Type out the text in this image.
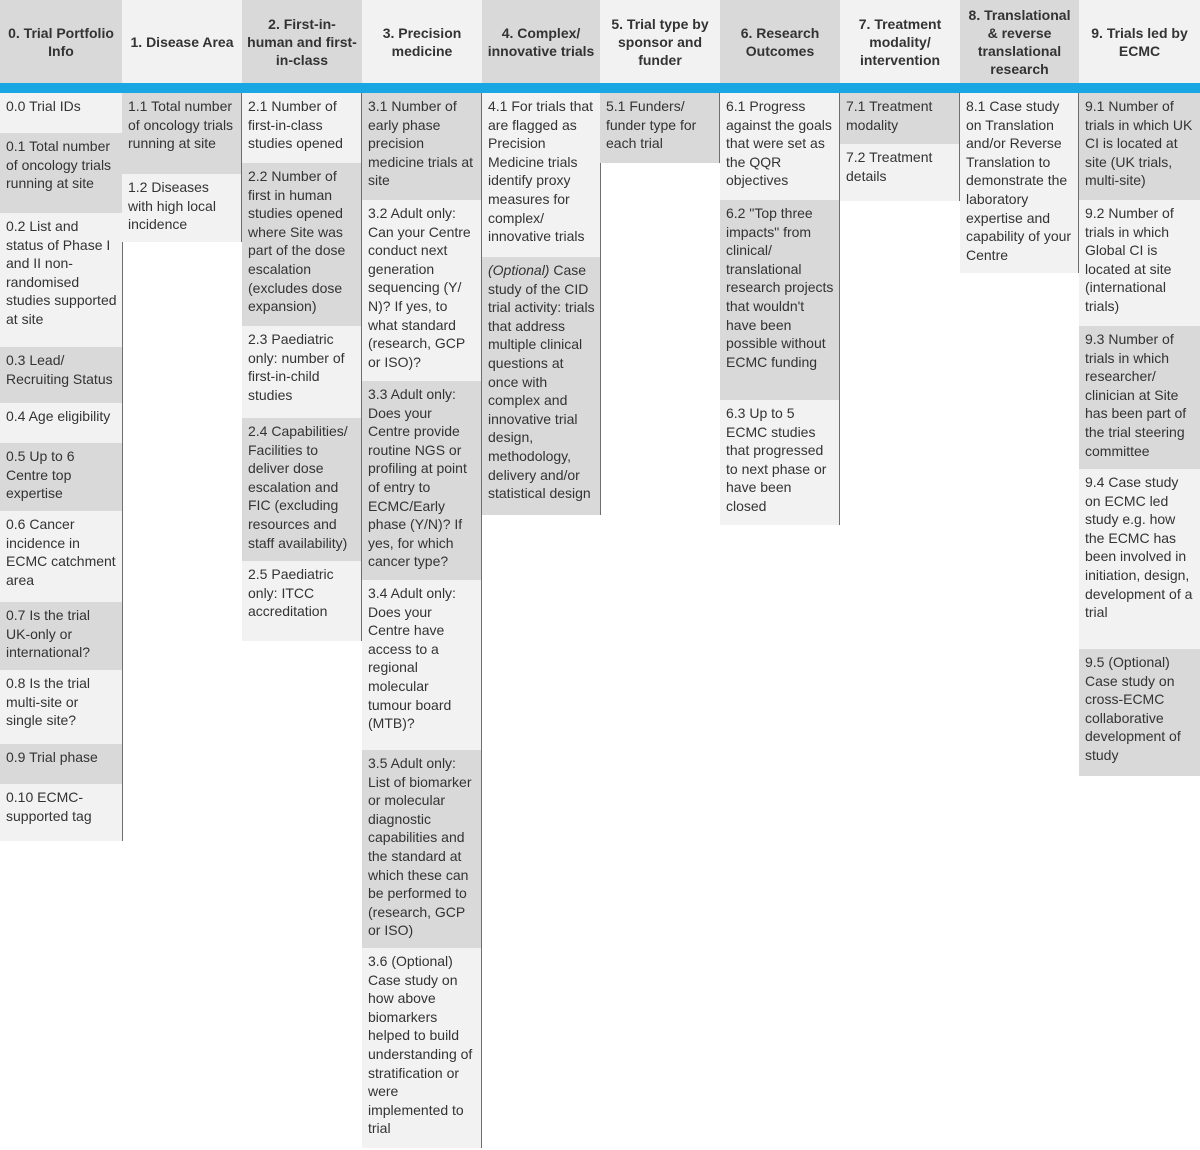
0. Trial Portfolio Info
1. Disease Area
2. First-in-human and first-in-class
3. Precision medicine
4. Complex/ innovative trials
5. Trial type by sponsor and funder
6. Research Outcomes
7. Treatment modality/ intervention
8. Translational & reverse translational research
9. Trials led by ECMC
0.0 Trial IDs
0.1 Total number of oncology trials running at site
0.2 List and status of Phase I and II non-randomised studies supported at site
0.3 Lead/ Recruiting Status
0.4 Age eligibility
0.5 Up to 6 Centre top expertise
0.6 Cancer incidence in ECMC catchment area
0.7 Is the trial UK-only or international?
0.8 Is the trial multi-site or single site?
0.9 Trial phase
0.10 ECMC-supported tag
1.1 Total number of oncology trials running at site
1.2 Diseases with high local incidence
2.1 Number of first-in-class studies opened
2.2 Number of first in human studies opened where Site was part of the dose escalation (excludes dose expansion)
2.3 Paediatric only: number of first-in-child studies
2.4 Capabilities/ Facilities to deliver dose escalation and FIC (excluding resources and staff availability)
2.5 Paediatric only: ITCC accreditation
3.1 Number of early phase precision medicine trials at site
3.2 Adult only: Can your Centre conduct next generation sequencing (Y/ N)? If yes, to what standard (research, GCP or ISO)?
3.3 Adult only: Does your Centre provide routine NGS or profiling at point of entry to ECMC/Early phase (Y/N)? If yes, for which cancer type?
3.4 Adult only: Does your Centre have access to a regional molecular tumour board (MTB)?
3.5 Adult only: List of biomarker or molecular diagnostic capabilities and the standard at which these can be performed to (research, GCP or ISO)
3.6 (Optional) Case study on how above biomarkers helped to build understanding of stratification or were implemented to trial
4.1 For trials that are flagged as Precision Medicine trials identify proxy measures for complex/ innovative trials
(Optional) Case study of the CID trial activity: trials that address multiple clinical questions at once with complex and innovative trial design, methodology, delivery and/or statistical design
5.1 Funders/ funder type for each trial
6.1 Progress against the goals that were set as the QQR objectives
6.2 "Top three impacts" from clinical/ translational research projects that wouldn't have been possible without ECMC funding
6.3 Up to 5 ECMC studies that progressed to next phase or have been closed
7.1 Treatment modality
7.2 Treatment details
8.1 Case study on Translation and/or Reverse Translation to demonstrate the laboratory expertise and capability of your Centre
9.1 Number of trials in which UK CI is located at site (UK trials, multi-site)
9.2 Number of trials in which Global CI is located at site (international trials)
9.3 Number of trials in which researcher/ clinician at Site has been part of the trial steering committee
9.4 Case study on ECMC led study e.g. how the ECMC has been involved in initiation, design, development of a trial
9.5 (Optional) Case study on cross-ECMC collaborative development of study
